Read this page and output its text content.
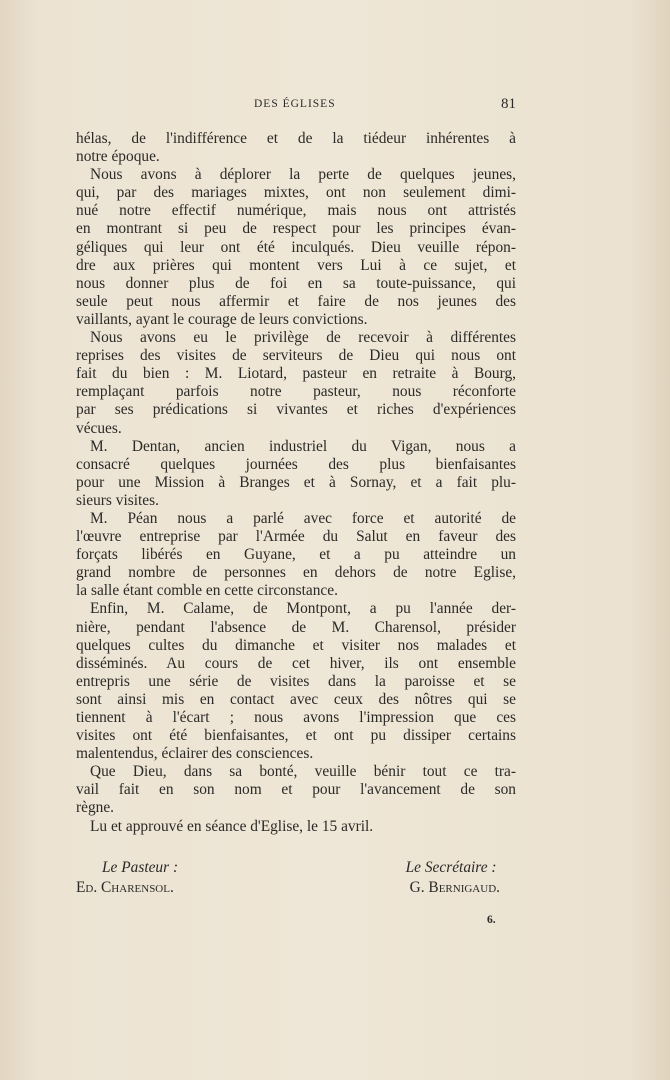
DES ÉGLISES	81
hélas, de l'indifférence et de la tiédeur inhérentes à
notre époque.
Nous avons à déplorer la perte de quelques jeunes,
qui, par des mariages mixtes, ont non seulement dimi-
nué notre effectif numérique, mais nous ont attristés
en montrant si peu de respect pour les principes évan-
géliques qui leur ont été inculqués. Dieu veuille répon-
dre aux prières qui montent vers Lui à ce sujet, et
nous donner plus de foi en sa toute-puissance, qui
seule peut nous affermir et faire de nos jeunes des
vaillants, ayant le courage de leurs convictions.
Nous avons eu le privilège de recevoir à différentes
reprises des visites de serviteurs de Dieu qui nous ont
fait du bien : M. Liotard, pasteur en retraite à Bourg,
remplaçant parfois notre pasteur, nous réconforte
par ses prédications si vivantes et riches d'expériences
vécues.
M. Dentan, ancien industriel du Vigan, nous a
consacré quelques journées des plus bienfaisantes
pour une Mission à Branges et à Sornay, et a fait plu-
sieurs visites.
M. Péan nous a parlé avec force et autorité de
l'œuvre entreprise par l'Armée du Salut en faveur des
forçats libérés en Guyane, et a pu atteindre un
grand nombre de personnes en dehors de notre Eglise,
la salle étant comble en cette circonstance.
Enfin, M. Calame, de Montpont, a pu l'année der-
nière, pendant l'absence de M. Charensol, présider
quelques cultes du dimanche et visiter nos malades et
disséminés. Au cours de cet hiver, ils ont ensemble
entrepris une série de visites dans la paroisse et se
sont ainsi mis en contact avec ceux des nôtres qui se
tiennent à l'écart ; nous avons l'impression que ces
visites ont été bienfaisantes, et ont pu dissiper certains
malentendus, éclairer des consciences.
Que Dieu, dans sa bonté, veuille bénir tout ce tra-
vail fait en son nom et pour l'avancement de son
règne.
Lu et approuvé en séance d'Eglise, le 15 avril.
Le Pasteur :
Ed. Charensol.
Le Secrétaire :
G. Bernigaud.
6.
